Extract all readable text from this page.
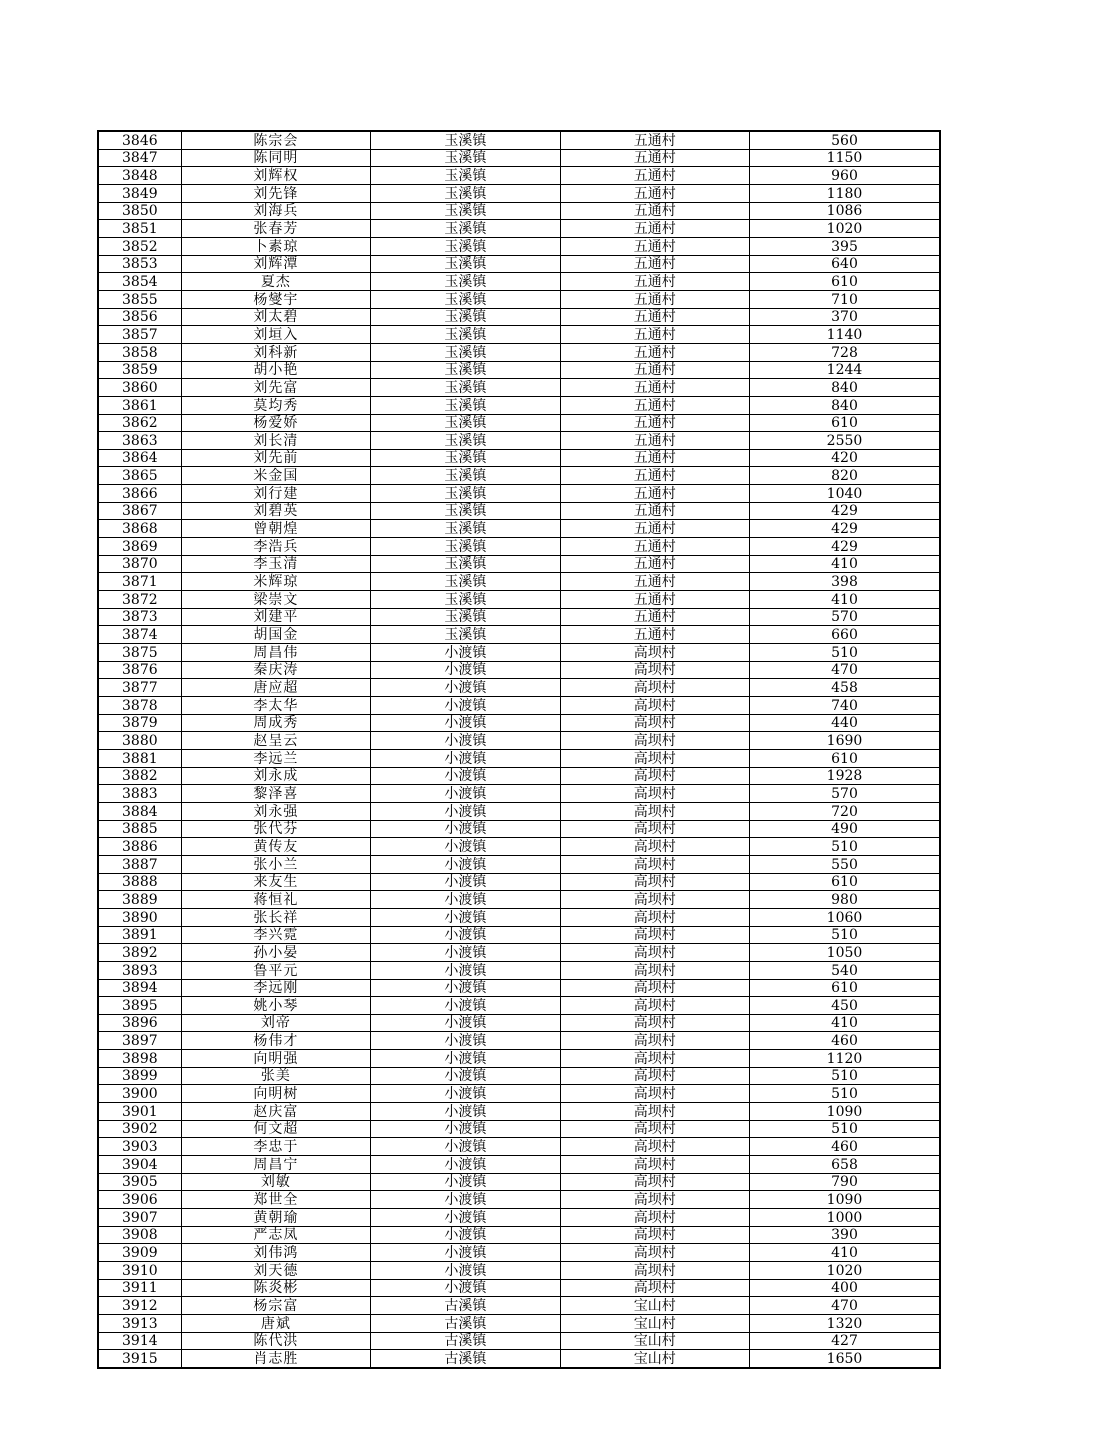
3846	陈宗会	玉溪镇	五通村	560
3847	陈同明	玉溪镇	五通村	1150
3848	刘辉权	玉溪镇	五通村	960
3849	刘先锋	玉溪镇	五通村	1180
3850	刘海兵	玉溪镇	五通村	1086
3851	张春芳	玉溪镇	五通村	1020
3852	卜素琼	玉溪镇	五通村	395
3853	刘辉潭	玉溪镇	五通村	640
3854	夏杰	玉溪镇	五通村	610
3855	杨燮宇	玉溪镇	五通村	710
3856	刘太碧	玉溪镇	五通村	370
3857	刘垣入	玉溪镇	五通村	1140
3858	刘科新	玉溪镇	五通村	728
3859	胡小艳	玉溪镇	五通村	1244
3860	刘先富	玉溪镇	五通村	840
3861	莫均秀	玉溪镇	五通村	840
3862	杨爱娇	玉溪镇	五通村	610
3863	刘长清	玉溪镇	五通村	2550
3864	刘先前	玉溪镇	五通村	420
3865	米金国	玉溪镇	五通村	820
3866	刘行建	玉溪镇	五通村	1040
3867	刘碧英	玉溪镇	五通村	429
3868	曾朝煌	玉溪镇	五通村	429
3869	李浩兵	玉溪镇	五通村	429
3870	李玉清	玉溪镇	五通村	410
3871	米辉琼	玉溪镇	五通村	398
3872	梁崇文	玉溪镇	五通村	410
3873	刘建平	玉溪镇	五通村	570
3874	胡国金	玉溪镇	五通村	660
3875	周昌伟	小渡镇	高坝村	510
3876	秦庆涛	小渡镇	高坝村	470
3877	唐应超	小渡镇	高坝村	458
3878	李太华	小渡镇	高坝村	740
3879	周成秀	小渡镇	高坝村	440
3880	赵呈云	小渡镇	高坝村	1690
3881	李远兰	小渡镇	高坝村	610
3882	刘永成	小渡镇	高坝村	1928
3883	黎泽喜	小渡镇	高坝村	570
3884	刘永强	小渡镇	高坝村	720
3885	张代芬	小渡镇	高坝村	490
3886	黄传友	小渡镇	高坝村	510
3887	张小兰	小渡镇	高坝村	550
3888	来友生	小渡镇	高坝村	610
3889	蒋恒礼	小渡镇	高坝村	980
3890	张长祥	小渡镇	高坝村	1060
3891	李兴霓	小渡镇	高坝村	510
3892	孙小晏	小渡镇	高坝村	1050
3893	鲁平元	小渡镇	高坝村	540
3894	李远刚	小渡镇	高坝村	610
3895	姚小琴	小渡镇	高坝村	450
3896	刘帝	小渡镇	高坝村	410
3897	杨伟才	小渡镇	高坝村	460
3898	向明强	小渡镇	高坝村	1120
3899	张美	小渡镇	高坝村	510
3900	向明树	小渡镇	高坝村	510
3901	赵庆富	小渡镇	高坝村	1090
3902	何文超	小渡镇	高坝村	510
3903	李忠于	小渡镇	高坝村	460
3904	周昌宁	小渡镇	高坝村	658
3905	刘敏	小渡镇	高坝村	790
3906	郑世全	小渡镇	高坝村	1090
3907	黄朝瑜	小渡镇	高坝村	1000
3908	严志凤	小渡镇	高坝村	390
3909	刘伟鸿	小渡镇	高坝村	410
3910	刘天德	小渡镇	高坝村	1020
3911	陈炎彬	小渡镇	高坝村	400
3912	杨宗富	古溪镇	宝山村	470
3913	唐斌	古溪镇	宝山村	1320
3914	陈代洪	古溪镇	宝山村	427
3915	肖志胜	古溪镇	宝山村	1650
